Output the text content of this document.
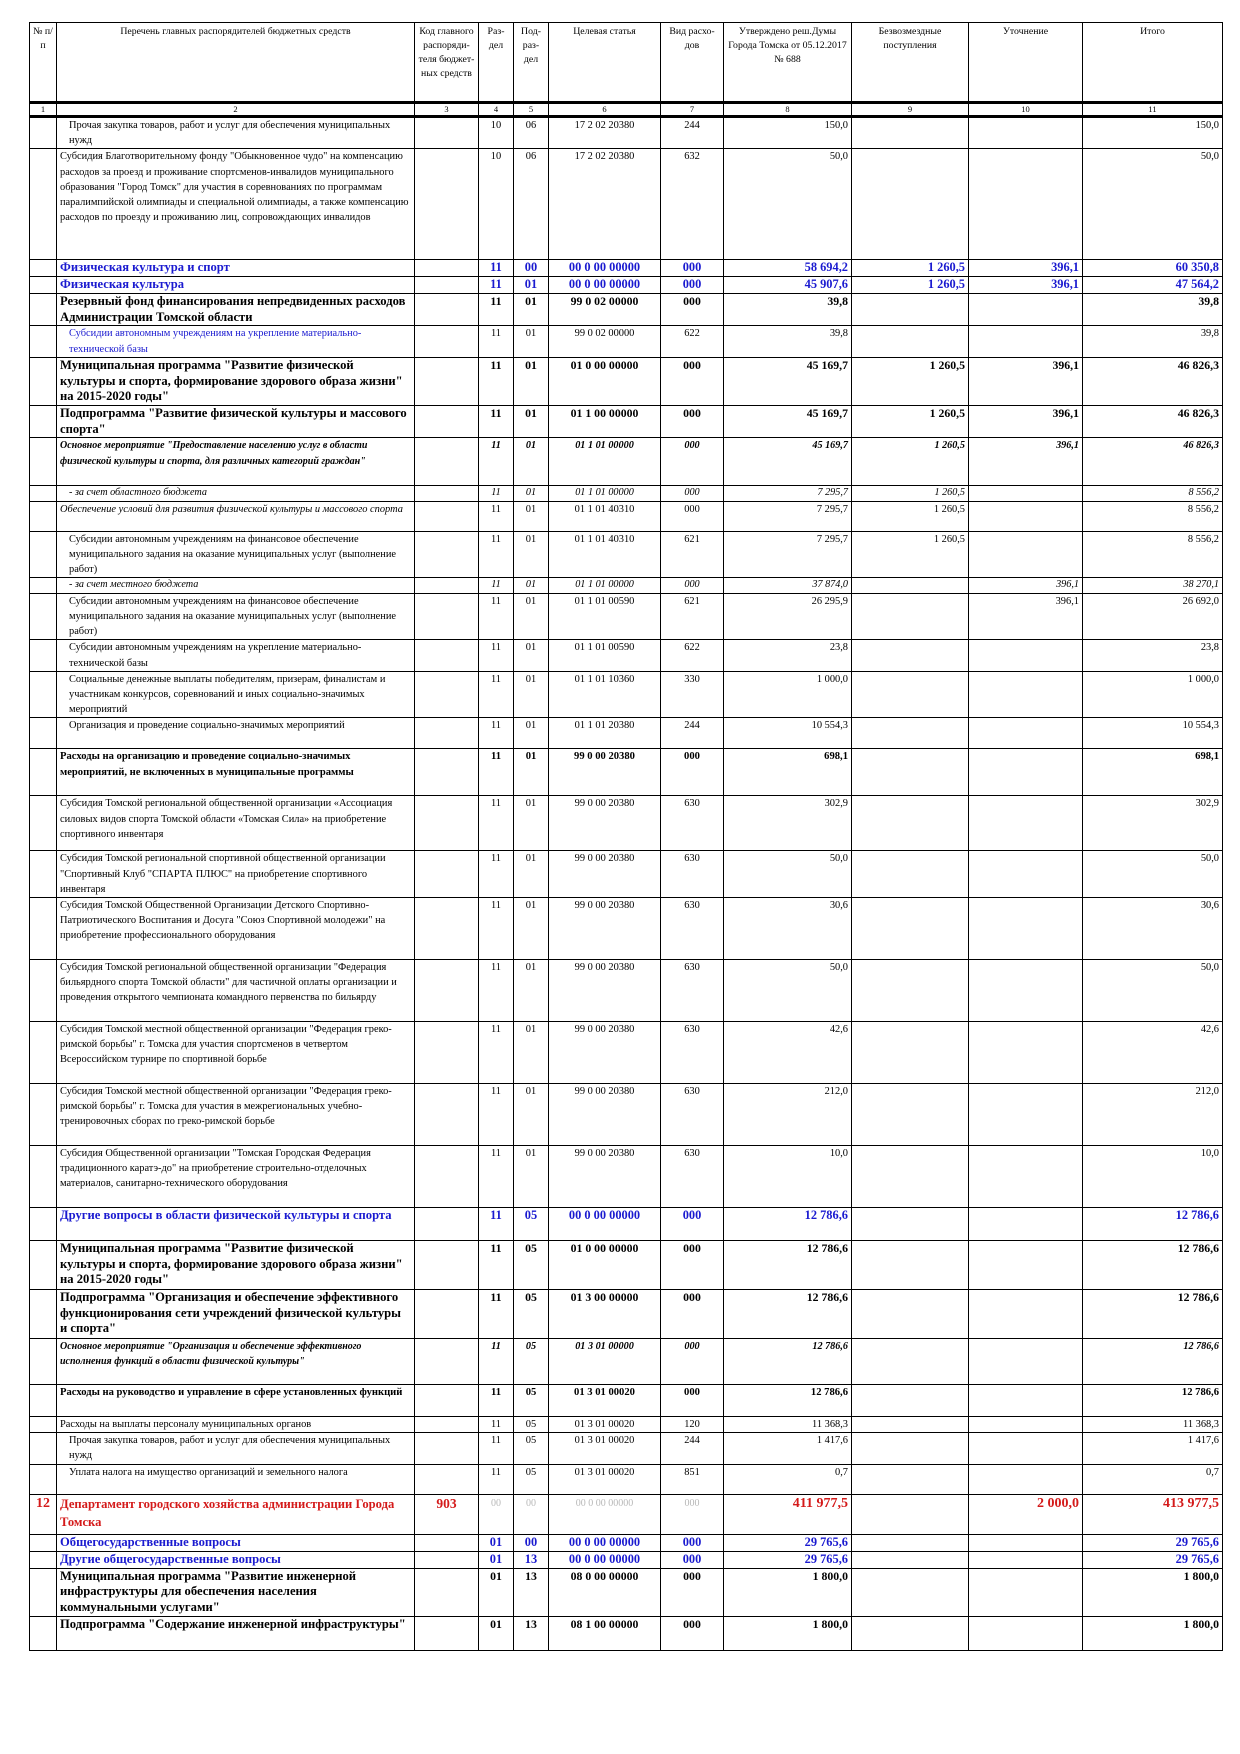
№ п/п	Перечень главных распорядителей бюджетных средств	Код главного распоряди-теля бюджет-ных средств	Раз-дел	Под-раз-дел	Целевая статья	Вид расхо-дов	Утверждено реш.Думы Города Томска от 05.12.2017 № 688	Безвозмездные поступления	Уточнение	Итого
1	2	3	4	5	6	7	8	9	10	11
	Прочая закупка товаров, работ и услуг для обеспечения муниципальных нужд		10	06	17 2 02 20380	244	150,0			150,0
	Субсидия Благотворительному фонду "Обыкновенное чудо" на компенсацию расходов за проезд и проживание спортсменов-инвалидов муниципального образования "Город Томск" для участия в соревнованиях по программам паралимпийской олимпиады и специальной олимпиады, а также компенсацию расходов по проезду и проживанию лиц, сопровождающих инвалидов		10	06	17 2 02 20380	632	50,0			50,0
	Физическая культура и спорт		11	00	00 0 00 00000	000	58 694,2	1 260,5	396,1	60 350,8
	Физическая культура		11	01	00 0 00 00000	000	45 907,6	1 260,5	396,1	47 564,2
	Резервный фонд финансирования непредвиденных расходов Администрации Томской области		11	01	99 0 02 00000	000	39,8			39,8
	Субсидии автономным учреждениям на укрепление материально-технической базы		11	01	99 0 02 00000	622	39,8			39,8
	Муниципальная программа "Развитие физической культуры и спорта, формирование здорового образа жизни" на 2015-2020 годы"		11	01	01 0 00 00000	000	45 169,7	1 260,5	396,1	46 826,3
	Подпрограмма "Развитие физической культуры и массового спорта"		11	01	01 1 00 00000	000	45 169,7	1 260,5	396,1	46 826,3
	Основное мероприятие "Предоставление населению услуг в области физической культуры и спорта, для различных категорий граждан"		11	01	01 1 01 00000	000	45 169,7	1 260,5	396,1	46 826,3
	- за счет областного бюджета		11	01	01 1 01 00000	000	7 295,7	1 260,5		8 556,2
	Обеспечение условий для развития физической культуры и массового спорта		11	01	01 1 01 40310	000	7 295,7	1 260,5		8 556,2
	Субсидии автономным учреждениям на финансовое обеспечение муниципального задания на оказание муниципальных услуг (выполнение работ)		11	01	01 1 01 40310	621	7 295,7	1 260,5		8 556,2
	- за счет местного бюджета		11	01	01 1 01 00000	000	37 874,0		396,1	38 270,1
	Субсидии автономным учреждениям на финансовое обеспечение муниципального задания на оказание муниципальных услуг (выполнение работ)		11	01	01 1 01 00590	621	26 295,9		396,1	26 692,0
	Субсидии автономным учреждениям на укрепление материально-технической базы		11	01	01 1 01 00590	622	23,8			23,8
	Социальные денежные выплаты победителям, призерам, финалистам и участникам конкурсов, соревнований и иных социально-значимых мероприятий		11	01	01 1 01 10360	330	1 000,0			1 000,0
	Организация и проведение социально-значимых мероприятий		11	01	01 1 01 20380	244	10 554,3			10 554,3
	Расходы на организацию и проведение социально-значимых мероприятий, не включенных в муниципальные программы		11	01	99 0 00 20380	000	698,1			698,1
	Субсидия Томской региональной общественной организации «Ассоциация силовых видов спорта Томской области «Томская Сила» на приобретение спортивного инвентаря		11	01	99 0 00 20380	630	302,9			302,9
	Субсидия Томской региональной спортивной общественной организации "Спортивный Клуб "СПАРТА ПЛЮС" на приобретение спортивного инвентаря		11	01	99 0 00 20380	630	50,0			50,0
	Субсидия Томской Общественной Организации Детского Спортивно-Патриотического Воспитания и Досуга "Союз Спортивной молодежи" на приобретение профессионального оборудования		11	01	99 0 00 20380	630	30,6			30,6
	Субсидия Томской региональной общественной организации "Федерация бильярдного спорта Томской области" для частичной оплаты организации и проведения открытого чемпионата командного первенства по бильярду		11	01	99 0 00 20380	630	50,0			50,0
	Субсидия Томской местной общественной организации "Федерация греко-римской борьбы" г. Томска для участия спортсменов в четвертом Всероссийском турнире по спортивной борьбе		11	01	99 0 00 20380	630	42,6			42,6
	Субсидия Томской местной общественной организации "Федерация греко-римской борьбы" г. Томска для участия в межрегиональных учебно-тренировочных сборах по греко-римской борьбе		11	01	99 0 00 20380	630	212,0			212,0
	Субсидия Общественной организации "Томская Городская Федерация традиционного каратэ-до" на приобретение строительно-отделочных материалов, санитарно-технического оборудования		11	01	99 0 00 20380	630	10,0			10,0
	Другие вопросы в области физической культуры и спорта		11	05	00 0 00 00000	000	12 786,6			12 786,6
	Муниципальная программа "Развитие физической культуры и спорта, формирование здорового образа жизни" на 2015-2020 годы"		11	05	01 0 00 00000	000	12 786,6			12 786,6
	Подпрограмма "Организация и обеспечение эффективного функционирования сети учреждений физической культуры и спорта"		11	05	01 3 00 00000	000	12 786,6			12 786,6
	Основное мероприятие "Организация и обеспечение эффективного исполнения функций в области физической культуры"		11	05	01 3 01 00000	000	12 786,6			12 786,6
	Расходы на руководство и управление в сфере установленных функций		11	05	01 3 01 00020	000	12 786,6			12 786,6
	Расходы на выплаты персоналу муниципальных органов		11	05	01 3 01 00020	120	11 368,3			11 368,3
	Прочая закупка товаров, работ и услуг для обеспечения муниципальных нужд		11	05	01 3 01 00020	244	1 417,6			1 417,6
	Уплата налога на имущество организаций и земельного налога		11	05	01 3 01 00020	851	0,7			0,7
12	Департамент городского хозяйства администрации Города Томска	903	00	00	00 0 00 00000	000	411 977,5		2 000,0	413 977,5
	Общегосударственные вопросы		01	00	00 0 00 00000	000	29 765,6			29 765,6
	Другие общегосударственные вопросы		01	13	00 0 00 00000	000	29 765,6			29 765,6
	Муниципальная программа "Развитие инженерной инфраструктуры для обеспечения населения коммунальными услугами"		01	13	08 0 00 00000	000	1 800,0			1 800,0
	Подпрограмма "Содержание инженерной инфраструктуры"		01	13	08 1 00 00000	000	1 800,0			1 800,0
